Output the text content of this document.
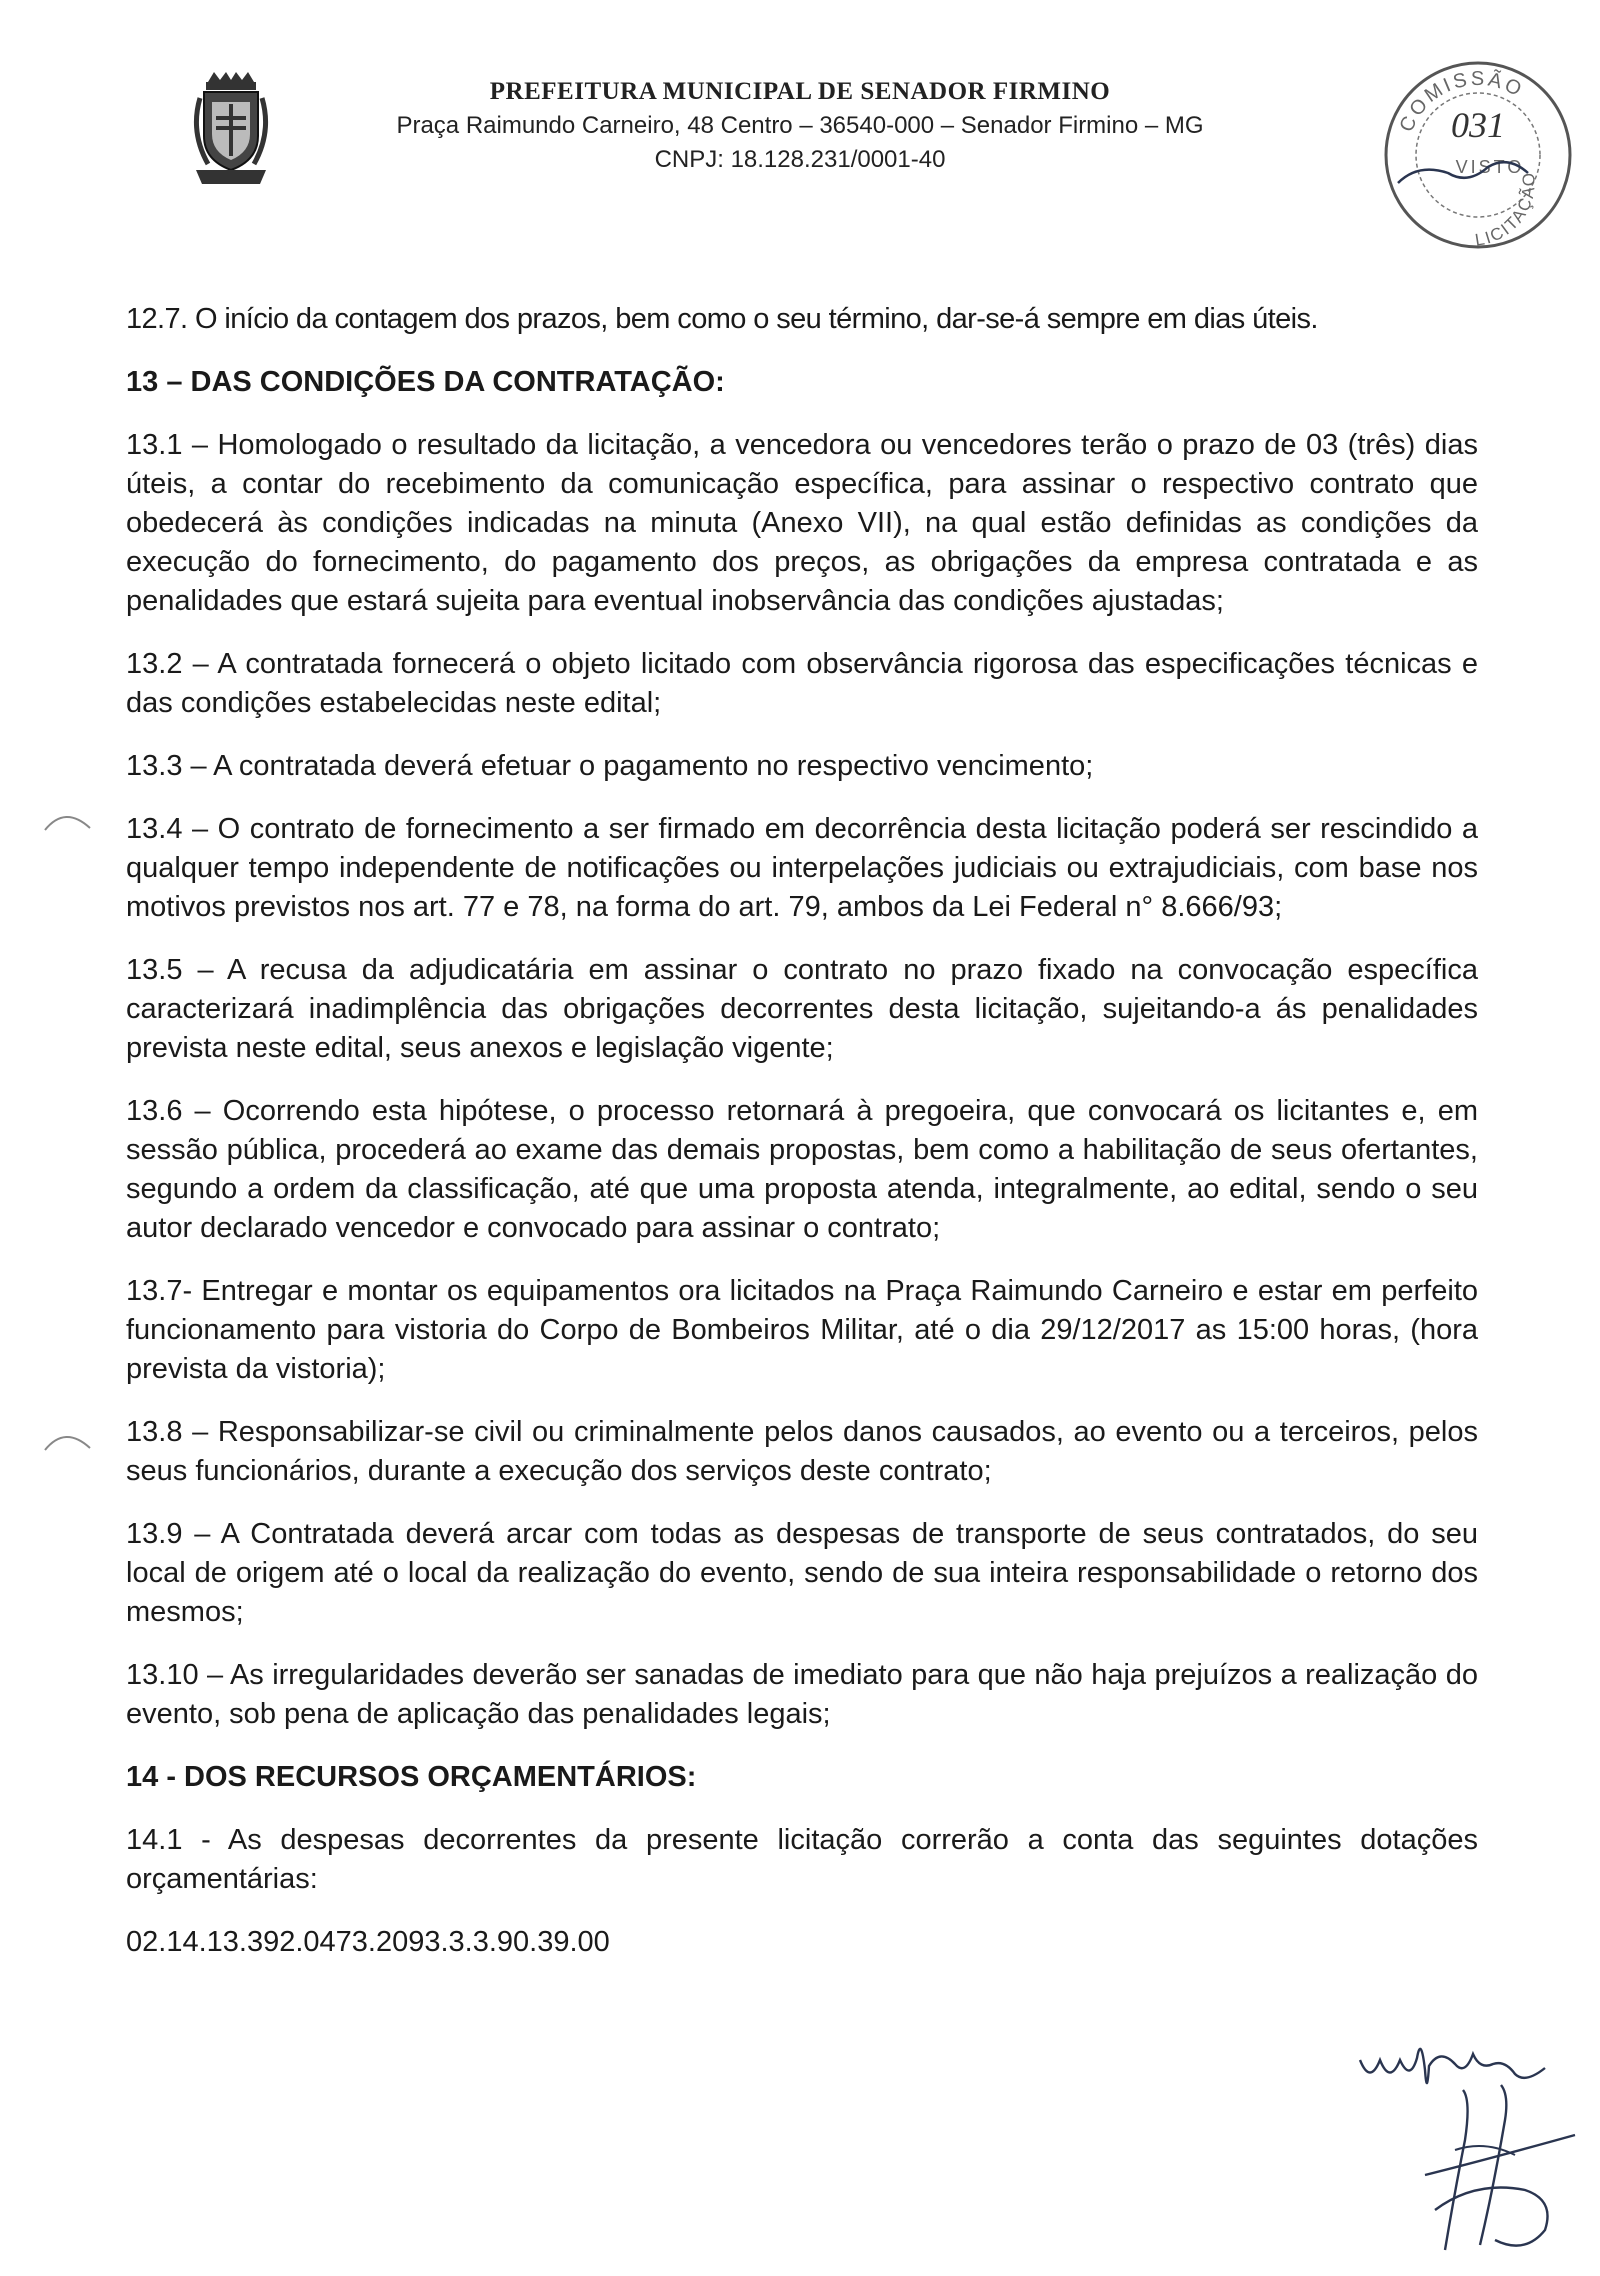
PREFEITURA MUNICIPAL DE SENADOR FIRMINO
Praça Raimundo Carneiro, 48 Centro – 36540-000 – Senador Firmino – MG
CNPJ: 18.128.231/0001-40
COMISSÃO
031
VISTO
LICITAÇÃO

12.7. O início da contagem dos prazos, bem como o seu término, dar-se-á sempre em dias úteis.

13 – DAS CONDIÇÕES DA CONTRATAÇÃO:

13.1 – Homologado o resultado da licitação, a vencedora ou vencedores terão o prazo de 03 (três) dias úteis, a contar do recebimento da comunicação específica, para assinar o respectivo contrato que obedecerá às condições indicadas na minuta (Anexo VII), na qual estão definidas as condições da execução do fornecimento, do pagamento dos preços, as obrigações da empresa contratada e as penalidades que estará sujeita para eventual inobservância das condições ajustadas;

13.2 – A contratada fornecerá o objeto licitado com observância rigorosa das especificações técnicas e das condições estabelecidas neste edital;

13.3 – A contratada deverá efetuar o pagamento no respectivo vencimento;

13.4 – O contrato de fornecimento a ser firmado em decorrência desta licitação poderá ser rescindido a qualquer tempo independente de notificações ou interpelações judiciais ou extrajudiciais, com base nos motivos previstos nos art. 77 e 78, na forma do art. 79, ambos da Lei Federal n° 8.666/93;

13.5 – A recusa da adjudicatária em assinar o contrato no prazo fixado na convocação específica caracterizará inadimplência das obrigações decorrentes desta licitação, sujeitando-a ás penalidades prevista neste edital, seus anexos e legislação vigente;

13.6 – Ocorrendo esta hipótese, o processo retornará à pregoeira, que convocará os licitantes e, em sessão pública, procederá ao exame das demais propostas, bem como a habilitação de seus ofertantes, segundo a ordem da classificação, até que uma proposta atenda, integralmente, ao edital, sendo o seu autor declarado vencedor e convocado para assinar o contrato;

13.7- Entregar e montar os equipamentos ora licitados na Praça Raimundo Carneiro e estar em perfeito funcionamento para vistoria do Corpo de Bombeiros Militar, até o dia 29/12/2017 as 15:00 horas, (hora prevista da vistoria);

13.8 – Responsabilizar-se civil ou criminalmente pelos danos causados, ao evento ou a terceiros, pelos seus funcionários, durante a execução dos serviços deste contrato;

13.9 – A Contratada deverá arcar com todas as despesas de transporte de seus contratados, do seu local de origem até o local da realização do evento, sendo de sua inteira responsabilidade o retorno dos mesmos;

13.10 – As irregularidades deverão ser sanadas de imediato para que não haja prejuízos a realização do evento, sob pena de aplicação das penalidades legais;

14 - DOS RECURSOS ORÇAMENTÁRIOS:

14.1 - As despesas decorrentes da presente licitação correrão a conta das seguintes dotações orçamentárias:

02.14.13.392.0473.2093.3.3.90.39.00
